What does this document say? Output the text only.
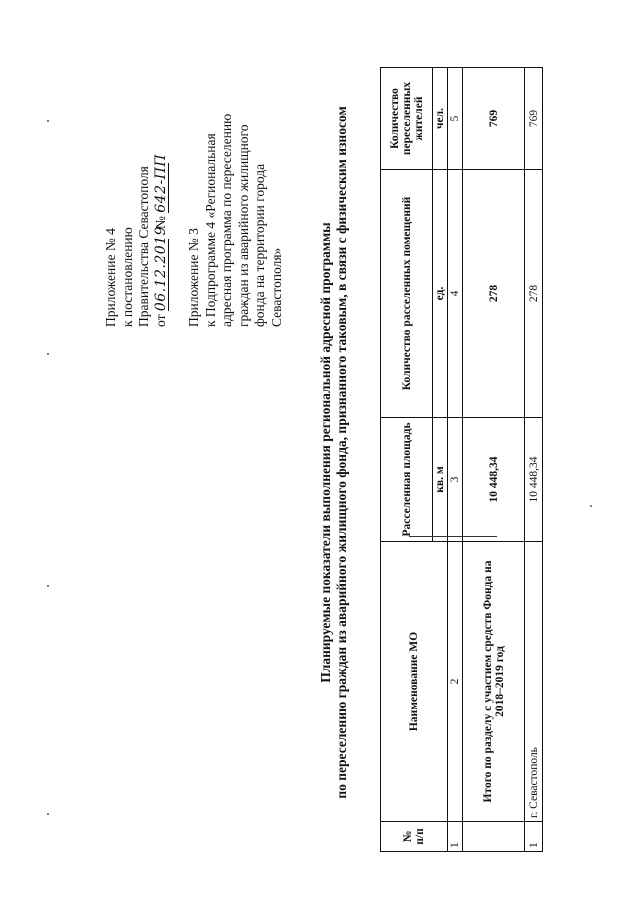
Приложение № 4 к постановлению Правительства Севастополя от 06.12.2019   № 642-ПП
Приложение № 3 к Подпрограмме 4 «Региональная адресная программа по переселению граждан из аварийного жилищного фонда на территории города Севастополя»	Планируемые показатели выполнения региональной адресной программы по переселению граждан из аварийного жилищного фонда, признанного таковым, в связи с физическим износом
№ п/п	Наименование МО	Расселенная площадь	Количество расселенных помещений	Количество переселенных жителей
		кв. м	ед.	чел.
1	2	3	4	5
	Итого по разделу с участием средств Фонда на 2018–2019 год	10 448,34	278	769
1	г. Севастополь	10 448,34	278	769
